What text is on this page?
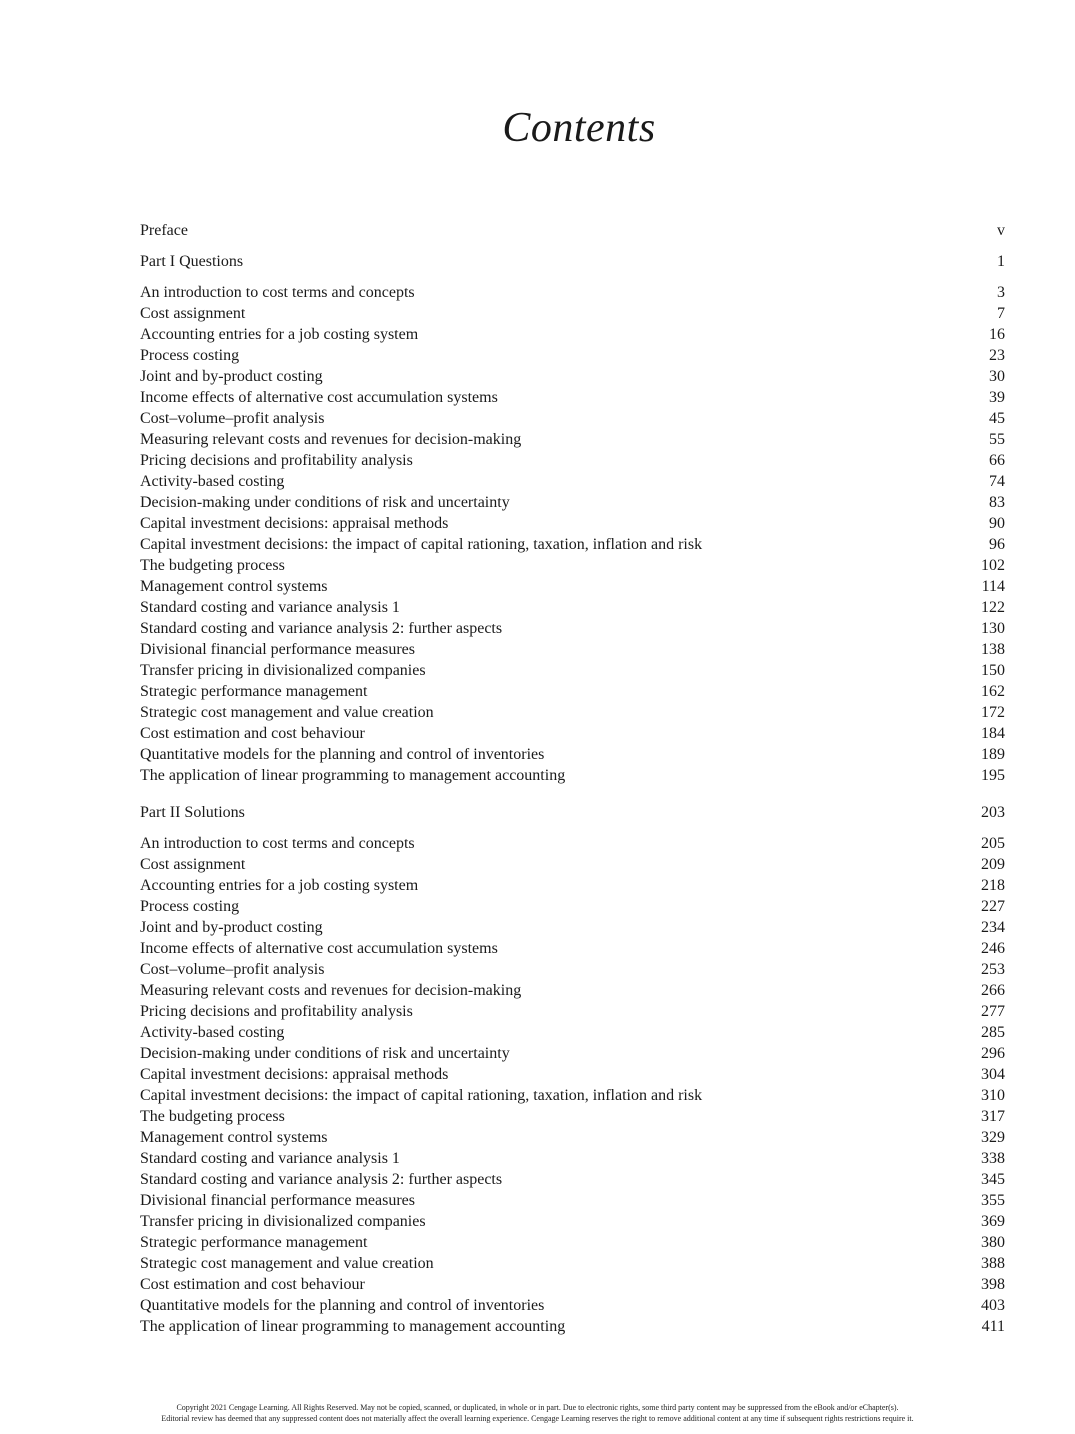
Contents
Preface	v
Part I Questions	1
An introduction to cost terms and concepts	3
Cost assignment	7
Accounting entries for a job costing system	16
Process costing	23
Joint and by-product costing	30
Income effects of alternative cost accumulation systems	39
Cost–volume–profit analysis	45
Measuring relevant costs and revenues for decision-making	55
Pricing decisions and profitability analysis	66
Activity-based costing	74
Decision-making under conditions of risk and uncertainty	83
Capital investment decisions: appraisal methods	90
Capital investment decisions: the impact of capital rationing, taxation, inflation and risk	96
The budgeting process	102
Management control systems	114
Standard costing and variance analysis 1	122
Standard costing and variance analysis 2: further aspects	130
Divisional financial performance measures	138
Transfer pricing in divisionalized companies	150
Strategic performance management	162
Strategic cost management and value creation	172
Cost estimation and cost behaviour	184
Quantitative models for the planning and control of inventories	189
The application of linear programming to management accounting	195
Part II Solutions	203
An introduction to cost terms and concepts	205
Cost assignment	209
Accounting entries for a job costing system	218
Process costing	227
Joint and by-product costing	234
Income effects of alternative cost accumulation systems	246
Cost–volume–profit analysis	253
Measuring relevant costs and revenues for decision-making	266
Pricing decisions and profitability analysis	277
Activity-based costing	285
Decision-making under conditions of risk and uncertainty	296
Capital investment decisions: appraisal methods	304
Capital investment decisions: the impact of capital rationing, taxation, inflation and risk	310
The budgeting process	317
Management control systems	329
Standard costing and variance analysis 1	338
Standard costing and variance analysis 2: further aspects	345
Divisional financial performance measures	355
Transfer pricing in divisionalized companies	369
Strategic performance management	380
Strategic cost management and value creation	388
Cost estimation and cost behaviour	398
Quantitative models for the planning and control of inventories	403
The application of linear programming to management accounting	411
Copyright 2021 Cengage Learning. All Rights Reserved. May not be copied, scanned, or duplicated, in whole or in part. Due to electronic rights, some third party content may be suppressed from the eBook and/or eChapter(s).
Editorial review has deemed that any suppressed content does not materially affect the overall learning experience. Cengage Learning reserves the right to remove additional content at any time if subsequent rights restrictions require it.
